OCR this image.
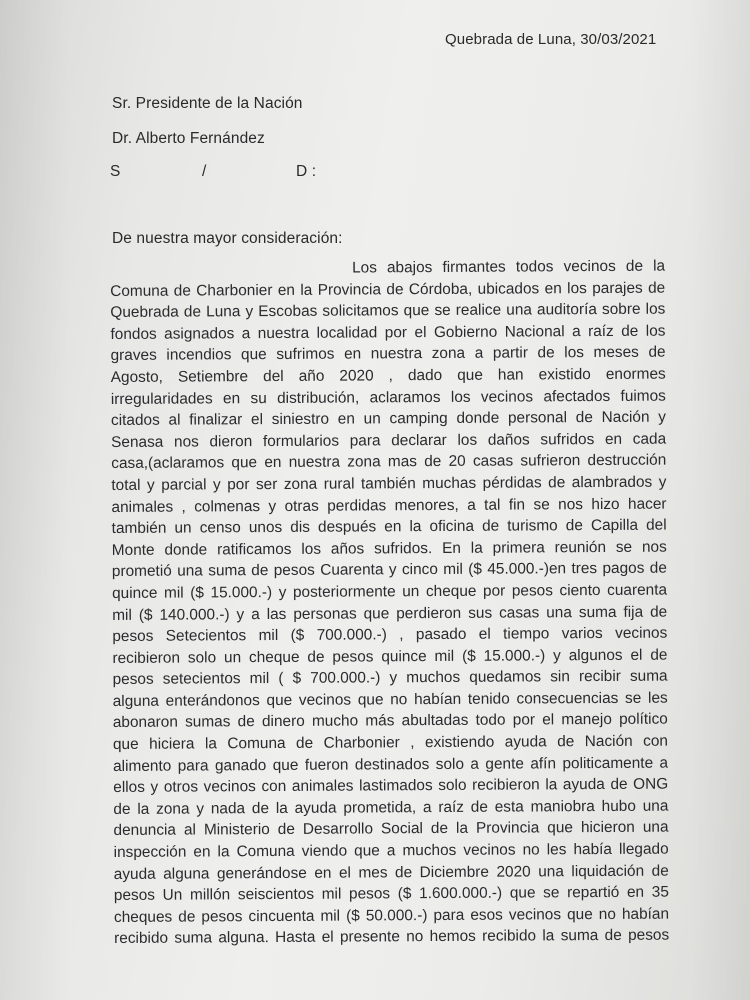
Quebrada de Luna, 30/03/2021
Sr. Presidente de la Nación
Dr. Alberto Fernández
S	/	D :
De nuestra mayor consideración:
Los abajos firmantes todos vecinos de la
Comuna de Charbonier en la Provincia de Córdoba, ubicados en los parajes de
Quebrada de Luna y Escobas solicitamos que se realice una auditoría sobre los
fondos asignados a nuestra localidad por el Gobierno Nacional a raíz de los
graves incendios que sufrimos en nuestra zona a partir de los meses de
Agosto, Setiembre del año 2020 , dado que han existido enormes
irregularidades en su distribución, aclaramos los vecinos afectados fuimos
citados al finalizar el siniestro en un camping donde personal de Nación y
Senasa nos dieron formularios para declarar los daños sufridos en cada
casa,(aclaramos que en nuestra zona mas de 20 casas sufrieron destrucción
total y parcial y por ser zona rural también muchas pérdidas de alambrados y
animales , colmenas y otras perdidas menores, a tal fin se nos hizo hacer
también un censo unos dis después en la oficina de turismo de Capilla del
Monte donde ratificamos los años sufridos. En la primera reunión se nos
prometió una suma de pesos Cuarenta y cinco mil ($ 45.000.-)en tres pagos de
quince mil ($ 15.000.-) y posteriormente un cheque por pesos ciento cuarenta
mil ($ 140.000.-) y a las personas que perdieron sus casas una suma fija de
pesos Setecientos mil ($ 700.000.-) , pasado el tiempo varios vecinos
recibieron solo un cheque de pesos quince mil ($ 15.000.-) y algunos el de
pesos setecientos mil ( $ 700.000.-) y muchos quedamos sin recibir suma
alguna enterándonos que vecinos que no habían tenido consecuencias se les
abonaron sumas de dinero mucho más abultadas todo por el manejo político
que hiciera la Comuna de Charbonier , existiendo ayuda de Nación con
alimento para ganado que fueron destinados solo a gente afín politicamente a
ellos y otros vecinos con animales lastimados solo recibieron la ayuda de ONG
de la zona y nada de la ayuda prometida, a raíz de esta maniobra hubo una
denuncia al Ministerio de Desarrollo Social de la Provincia que hicieron una
inspección en la Comuna viendo que a muchos vecinos no les había llegado
ayuda alguna generándose en el mes de Diciembre 2020 una liquidación de
pesos Un millón seiscientos mil pesos ($ 1.600.000.-) que se repartió en 35
cheques de pesos cincuenta mil ($ 50.000.-) para esos vecinos que no habían
recibido suma alguna. Hasta el presente no hemos recibido la suma de pesos
